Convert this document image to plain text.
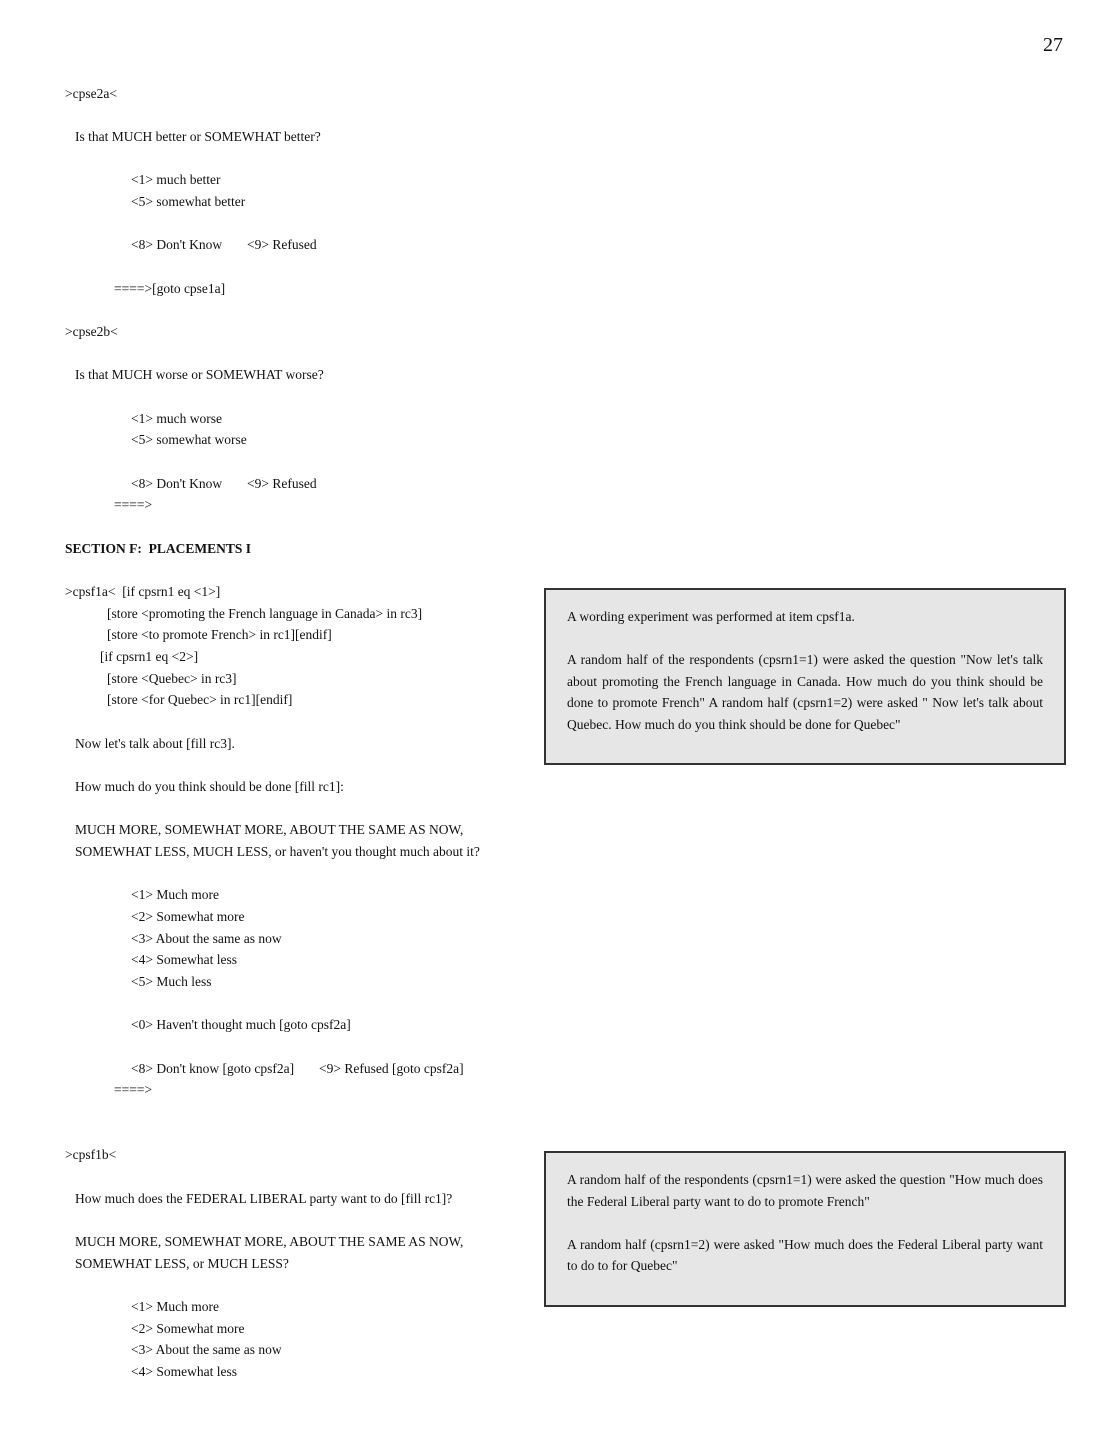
27
>cpse2a<
Is that MUCH better or SOMEWHAT better?
<1> much better
<5> somewhat better
<8> Don't Know <9> Refused
====>[goto cpse1a]
>cpse2b<
Is that MUCH worse or SOMEWHAT worse?
<1> much worse
<5> somewhat worse
<8> Don't Know <9> Refused
====>
SECTION F:  PLACEMENTS I
>cpsf1a<  [if cpsrn1 eq <1>]
[store <promoting the French language in Canada> in rc3]
[store <to promote French> in rc1][endif]
[if cpsrn1 eq <2>]
[store <Quebec> in rc3]
[store <for Quebec> in rc1][endif]
Now let's talk about [fill rc3].
How much do you think should be done [fill rc1]:
MUCH MORE, SOMEWHAT MORE, ABOUT THE SAME AS NOW,
SOMEWHAT LESS, MUCH LESS, or haven't you thought much about it?
<1> Much more
<2> Somewhat more
<3> About the same as now
<4> Somewhat less
<5> Much less
<0> Haven't thought much [goto cpsf2a]
<8> Don't know [goto cpsf2a] <9> Refused [goto cpsf2a]
====>

A wording experiment was performed at item cpsf1a.

A random half of the respondents (cpsrn1=1) were asked the question "Now let's talk about promoting the French language in Canada. How much do you think should be done to promote French" A random half (cpsrn1=2) were asked " Now let's talk about Quebec. How much do you think should be done for Quebec"

>cpsf1b<
How much does the FEDERAL LIBERAL party want to do [fill rc1]?
MUCH MORE, SOMEWHAT MORE, ABOUT THE SAME AS NOW,
SOMEWHAT LESS, or MUCH LESS?
<1> Much more
<2> Somewhat more
<3> About the same as now
<4> Somewhat less

A random half of the respondents (cpsrn1=1) were asked the question "How much does the Federal Liberal party want to do to promote French"

A random half (cpsrn1=2) were asked "How much does the Federal Liberal party want to do to for Quebec"
